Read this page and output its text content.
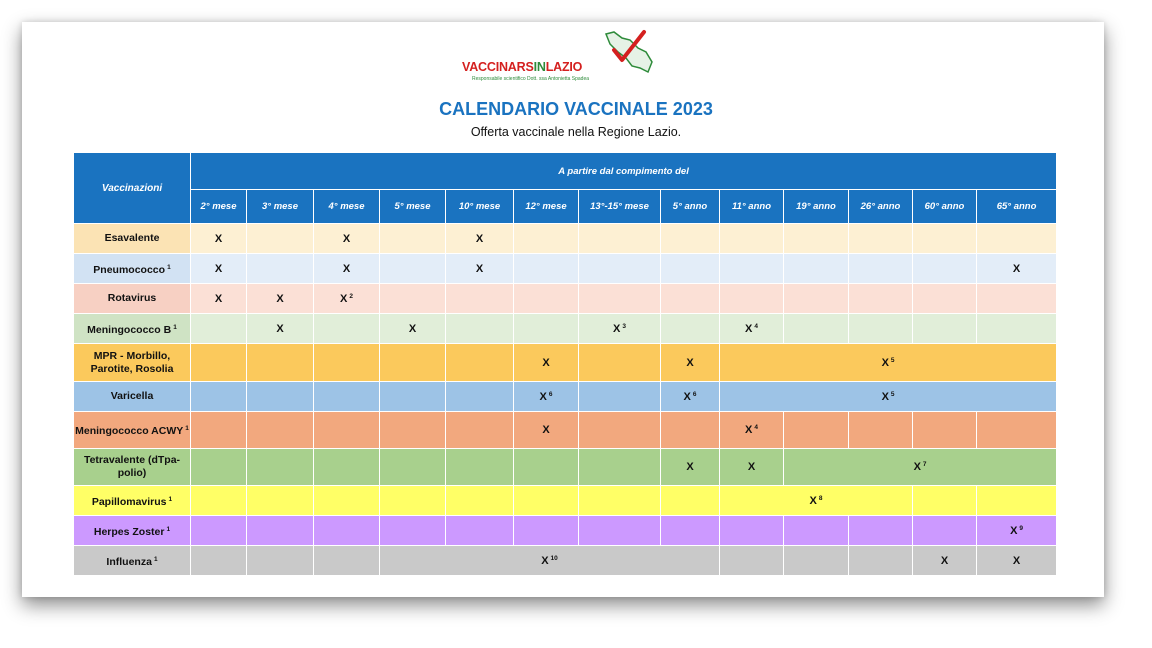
VACCINARSINLAZIO
Responsabile scientifico Dott. ssa Antonietta Spadea
CALENDARIO VACCINALE 2023
Offerta vaccinale nella Regione Lazio.
Vaccinazioni	A partire dal compimento del												
	2° mese	3° mese	4° mese	5° mese	10° mese	12° mese	13°-15° mese	5° anno	11° anno	19° anno	26° anno	60° anno	65° anno
Esavalente	X		X		X								
Pneumococco $^1$	X		X		X								X
Rotavirus	X	X	X $^2$										
Meningococco B $^1$		X		X			X $^3$		X $^4$				
MPR - Morbillo, Parotite, Rosolia						X		X	X $^5$
Varicella						X $^6$		X $^6$	X $^5$
Meningococco ACWY $^1$						X			X $^4$				
Tetravalente (dTpa-polio)								X	X	X $^7$
Papillomavirus $^1$									X $^8$		
Herpes Zoster $^1$													X $^9$
Influenza $^1$				X $^{10}$								X	X
